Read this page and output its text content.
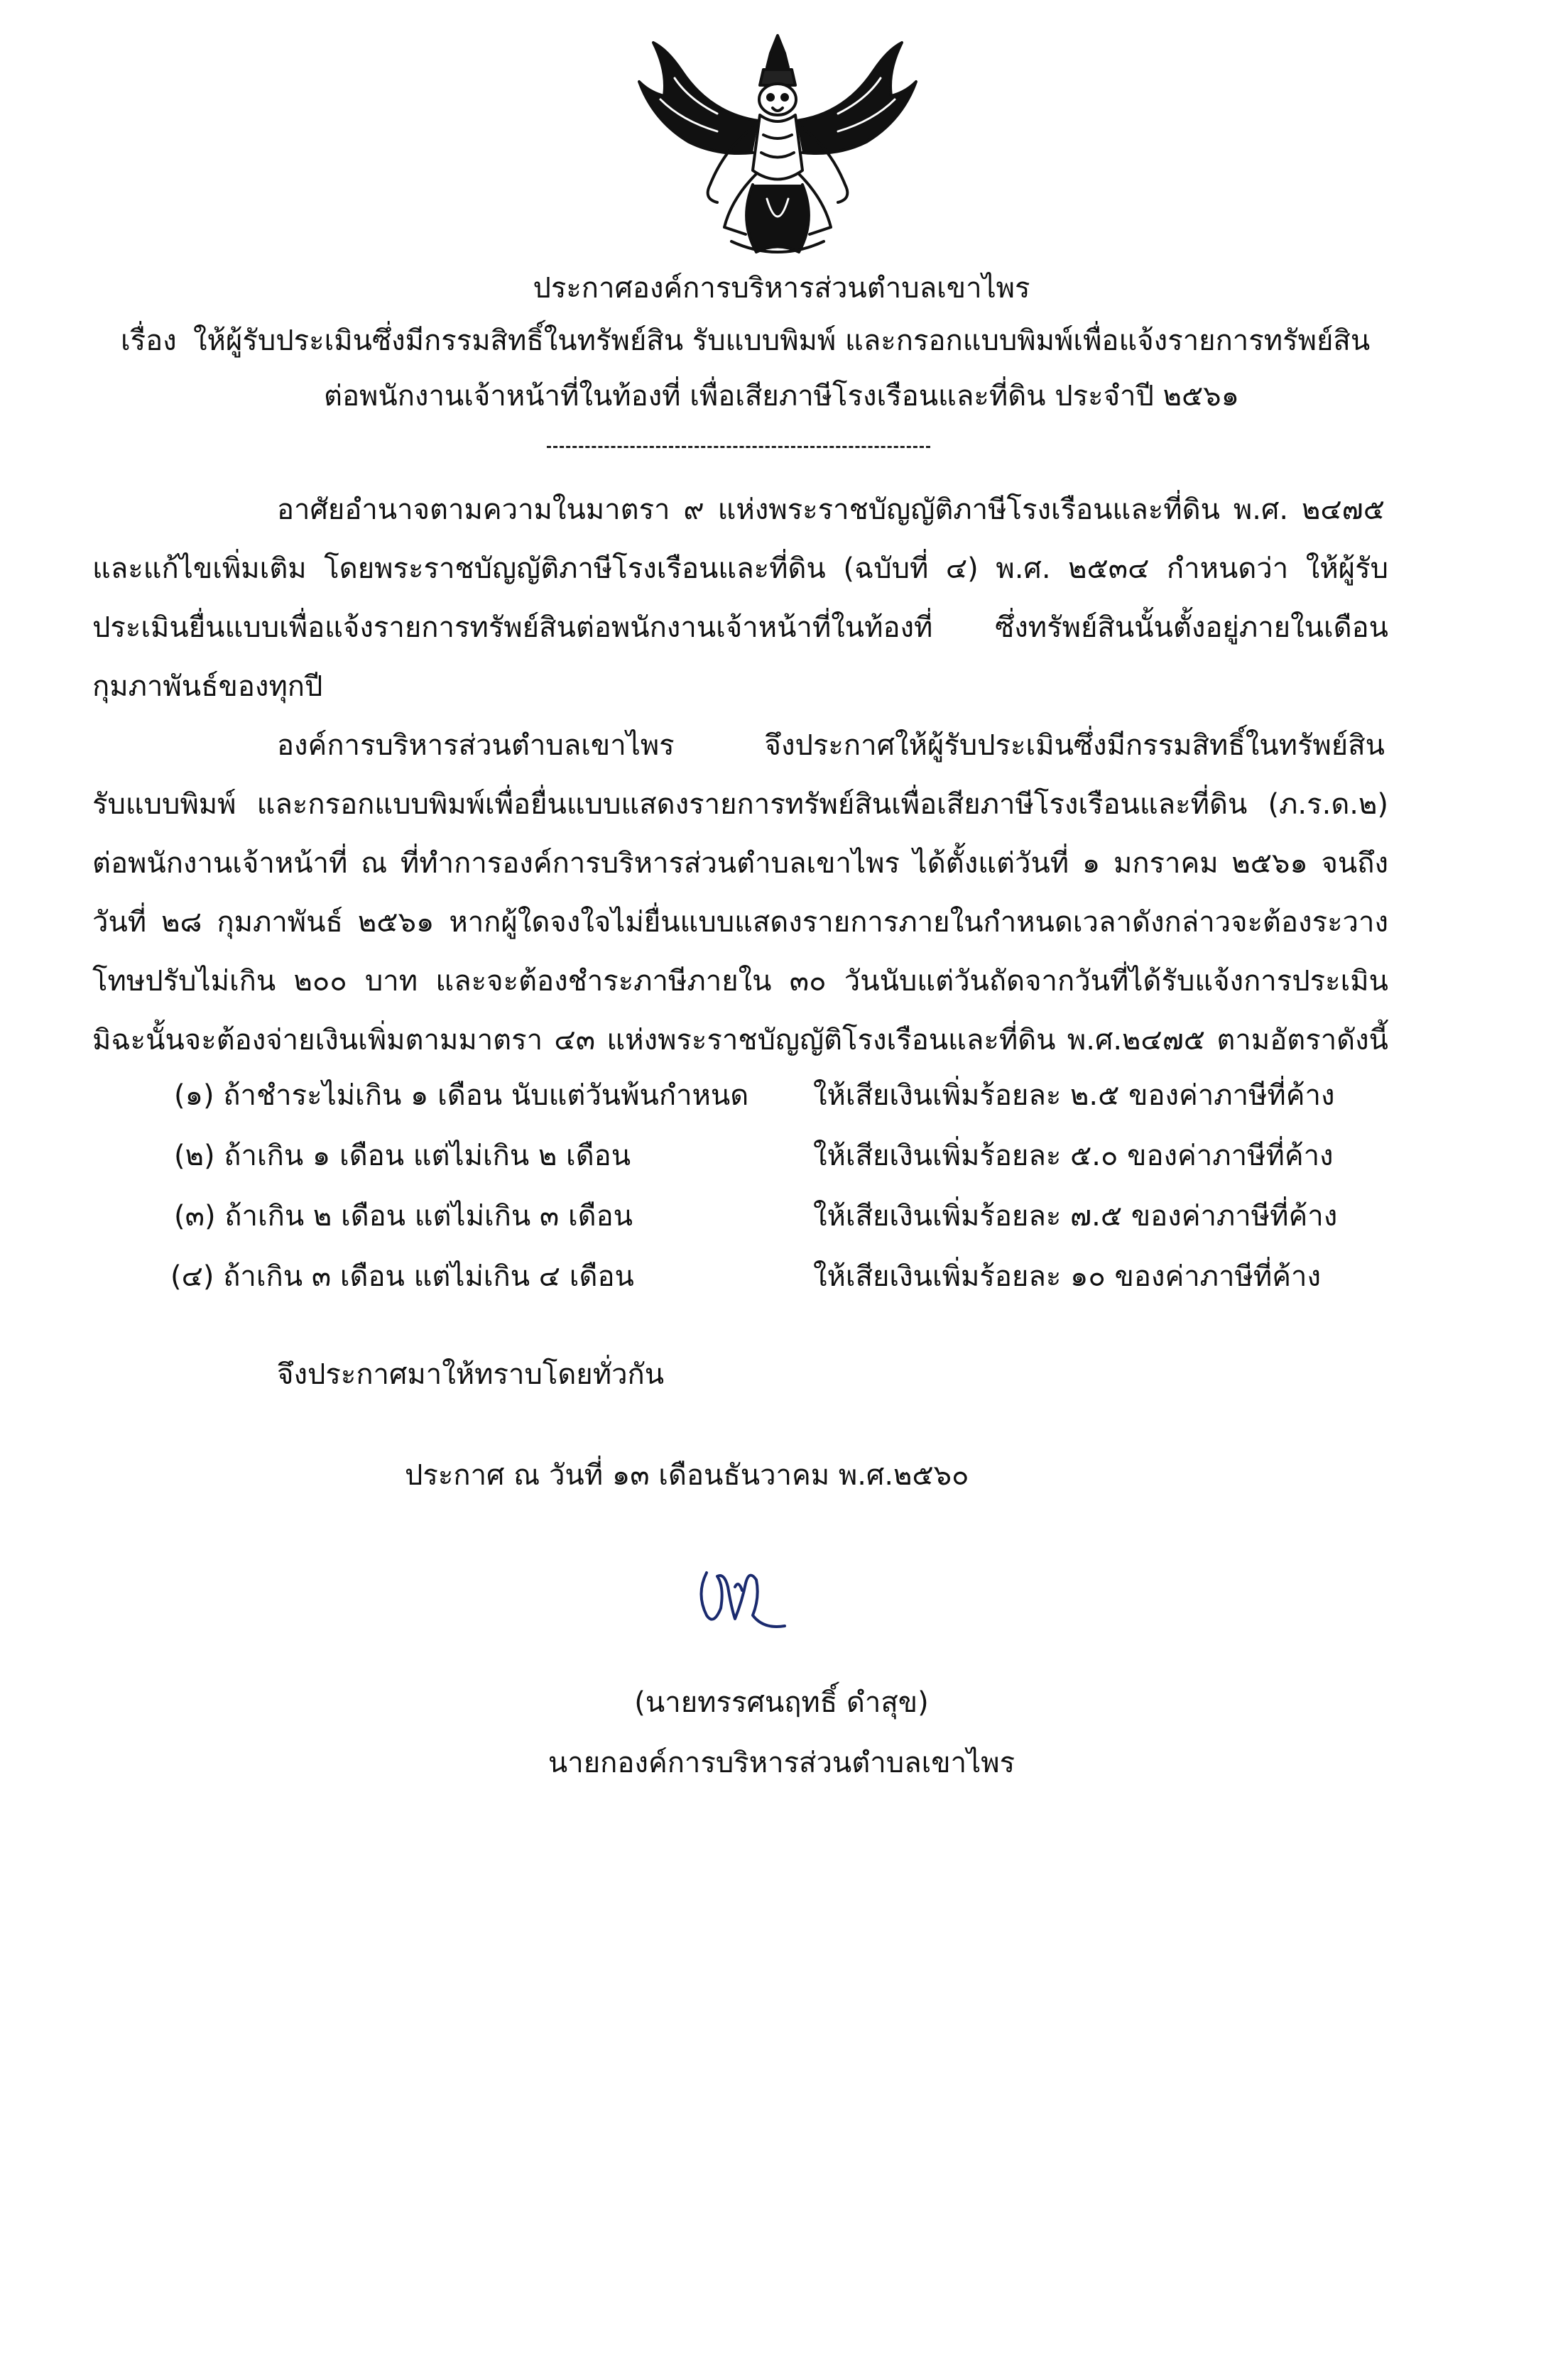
ประกาศองค์การบริหารส่วนตำบลเขาไพร
เรื่อง ให้ผู้รับประเมินซึ่งมีกรรมสิทธิ์ในทรัพย์สิน รับแบบพิมพ์ และกรอกแบบพิมพ์เพื่อแจ้งรายการทรัพย์สิน
ต่อพนักงานเจ้าหน้าที่ในท้องที่ เพื่อเสียภาษีโรงเรือนและที่ดิน ประจำปี ๒๕๖๑
อาศัยอำนาจตามความในมาตรา ๙ แห่งพระราชบัญญัติภาษีโรงเรือนและที่ดิน พ.ศ. ๒๔๗๕
และแก้ไขเพิ่มเติม โดยพระราชบัญญัติภาษีโรงเรือนและที่ดิน (ฉบับที่ ๔) พ.ศ. ๒๕๓๔ กำหนดว่า ให้ผู้รับ
ประเมินยื่นแบบเพื่อแจ้งรายการทรัพย์สินต่อพนักงานเจ้าหน้าที่ในท้องที่ ซึ่งทรัพย์สินนั้นตั้งอยู่ภายในเดือน
กุมภาพันธ์ของทุกปี
องค์การบริหารส่วนตำบลเขาไพร จึงประกาศให้ผู้รับประเมินซึ่งมีกรรมสิทธิ์ในทรัพย์สิน
รับแบบพิมพ์ และกรอกแบบพิมพ์เพื่อยื่นแบบแสดงรายการทรัพย์สินเพื่อเสียภาษีโรงเรือนและที่ดิน (ภ.ร.ด.๒)
ต่อพนักงานเจ้าหน้าที่ ณ ที่ทำการองค์การบริหารส่วนตำบลเขาไพร ได้ตั้งแต่วันที่ ๑ มกราคม ๒๕๖๑ จนถึง
วันที่ ๒๘ กุมภาพันธ์ ๒๕๖๑ หากผู้ใดจงใจไม่ยื่นแบบแสดงรายการภายในกำหนดเวลาดังกล่าวจะต้องระวาง
โทษปรับไม่เกิน ๒๐๐ บาท และจะต้องชำระภาษีภายใน ๓๐ วันนับแต่วันถัดจากวันที่ได้รับแจ้งการประเมิน
มิฉะนั้นจะต้องจ่ายเงินเพิ่มตามมาตรา ๔๓ แห่งพระราชบัญญัติโรงเรือนและที่ดิน พ.ศ.๒๔๗๕ ตามอัตราดังนี้
(๑) ถ้าชำระไม่เกิน ๑ เดือน นับแต่วันพ้นกำหนด ให้เสียเงินเพิ่มร้อยละ ๒.๕ ของค่าภาษีที่ค้าง
(๒) ถ้าเกิน ๑ เดือน แต่ไม่เกิน ๒ เดือน	ให้เสียเงินเพิ่มร้อยละ ๕.๐ ของค่าภาษีที่ค้าง
(๓) ถ้าเกิน ๒ เดือน แต่ไม่เกิน ๓ เดือน	ให้เสียเงินเพิ่มร้อยละ ๗.๕ ของค่าภาษีที่ค้าง
(๔) ถ้าเกิน ๓ เดือน แต่ไม่เกิน ๔ เดือน	ให้เสียเงินเพิ่มร้อยละ ๑๐ ของค่าภาษีที่ค้าง
จึงประกาศมาให้ทราบโดยทั่วกัน
ประกาศ ณ วันที่ ๑๓ เดือนธันวาคม พ.ศ.๒๕๖๐
(นายทรรศนฤทธิ์ ดำสุข)
นายกองค์การบริหารส่วนตำบลเขาไพร
